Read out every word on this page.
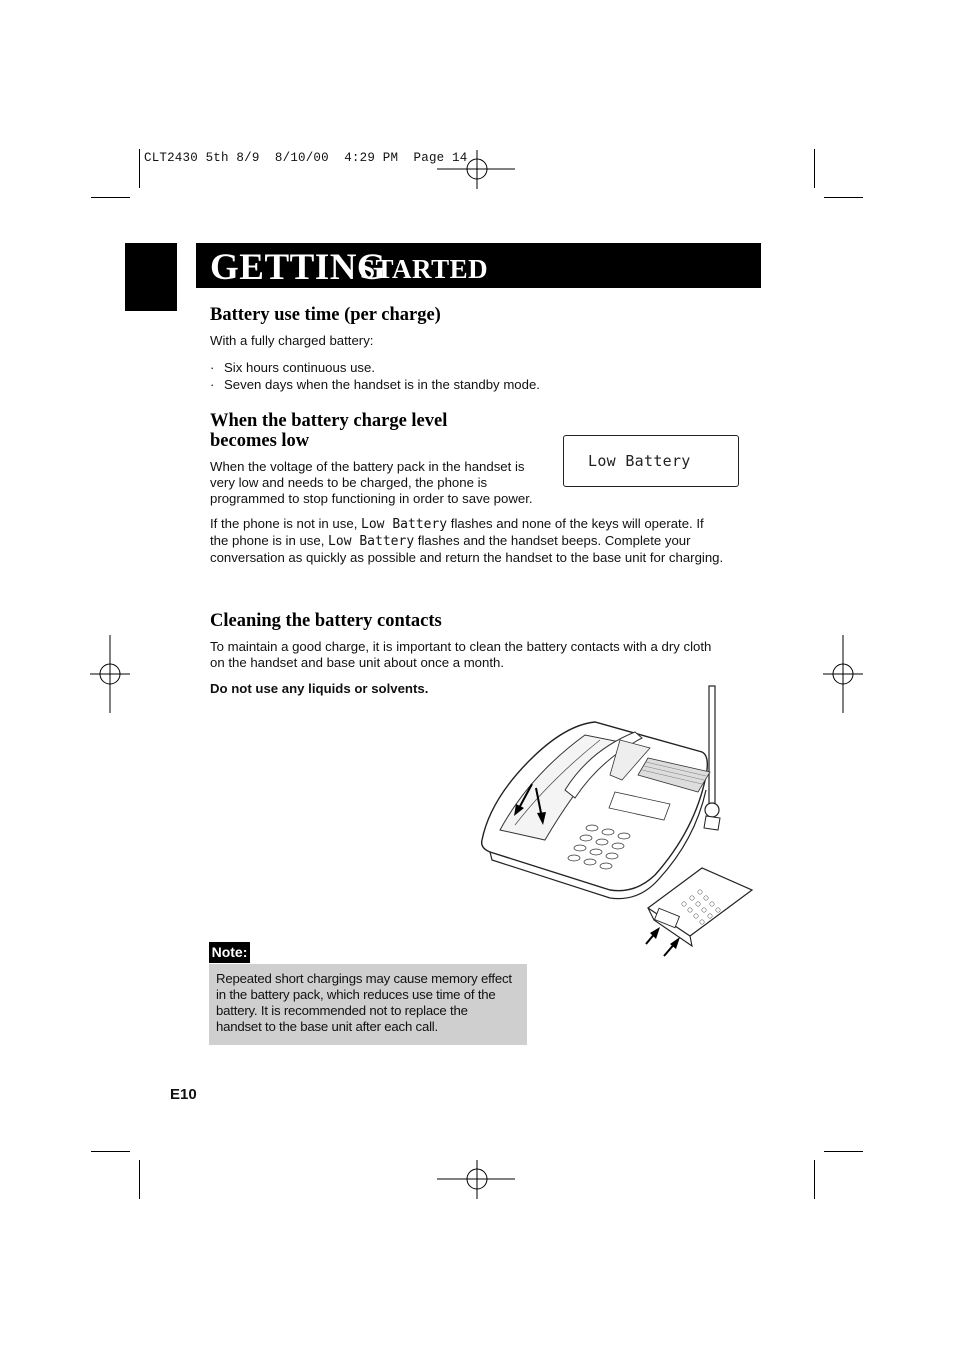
CLT2430 5th 8/9  8/10/00  4:29 PM  Page 14
GETTING
STARTED
Battery use time (per charge)
With a fully charged battery:
· Six hours continuous use.
· Seven days when the handset is in the standby mode.
When the battery charge level
becomes low
Low Battery
When the voltage of the battery pack in the handset is
very low and needs to be charged, the phone is
programmed to stop functioning in order to save power.
If the phone is not in use, Low Battery flashes and none of the keys will operate. If
the phone is in use, Low Battery flashes and the handset beeps. Complete your
conversation as quickly as possible and return the handset to the base unit for charging.
Cleaning the battery contacts
To maintain a good charge, it is important to clean the battery contacts with a dry cloth
on the handset and base unit about once a month.
Do not use any liquids or solvents.
Note:
Repeated short chargings may cause memory effect
in the battery pack, which reduces use time of the
battery. It is recommended not to replace the
handset to the base unit after each call.
E10
